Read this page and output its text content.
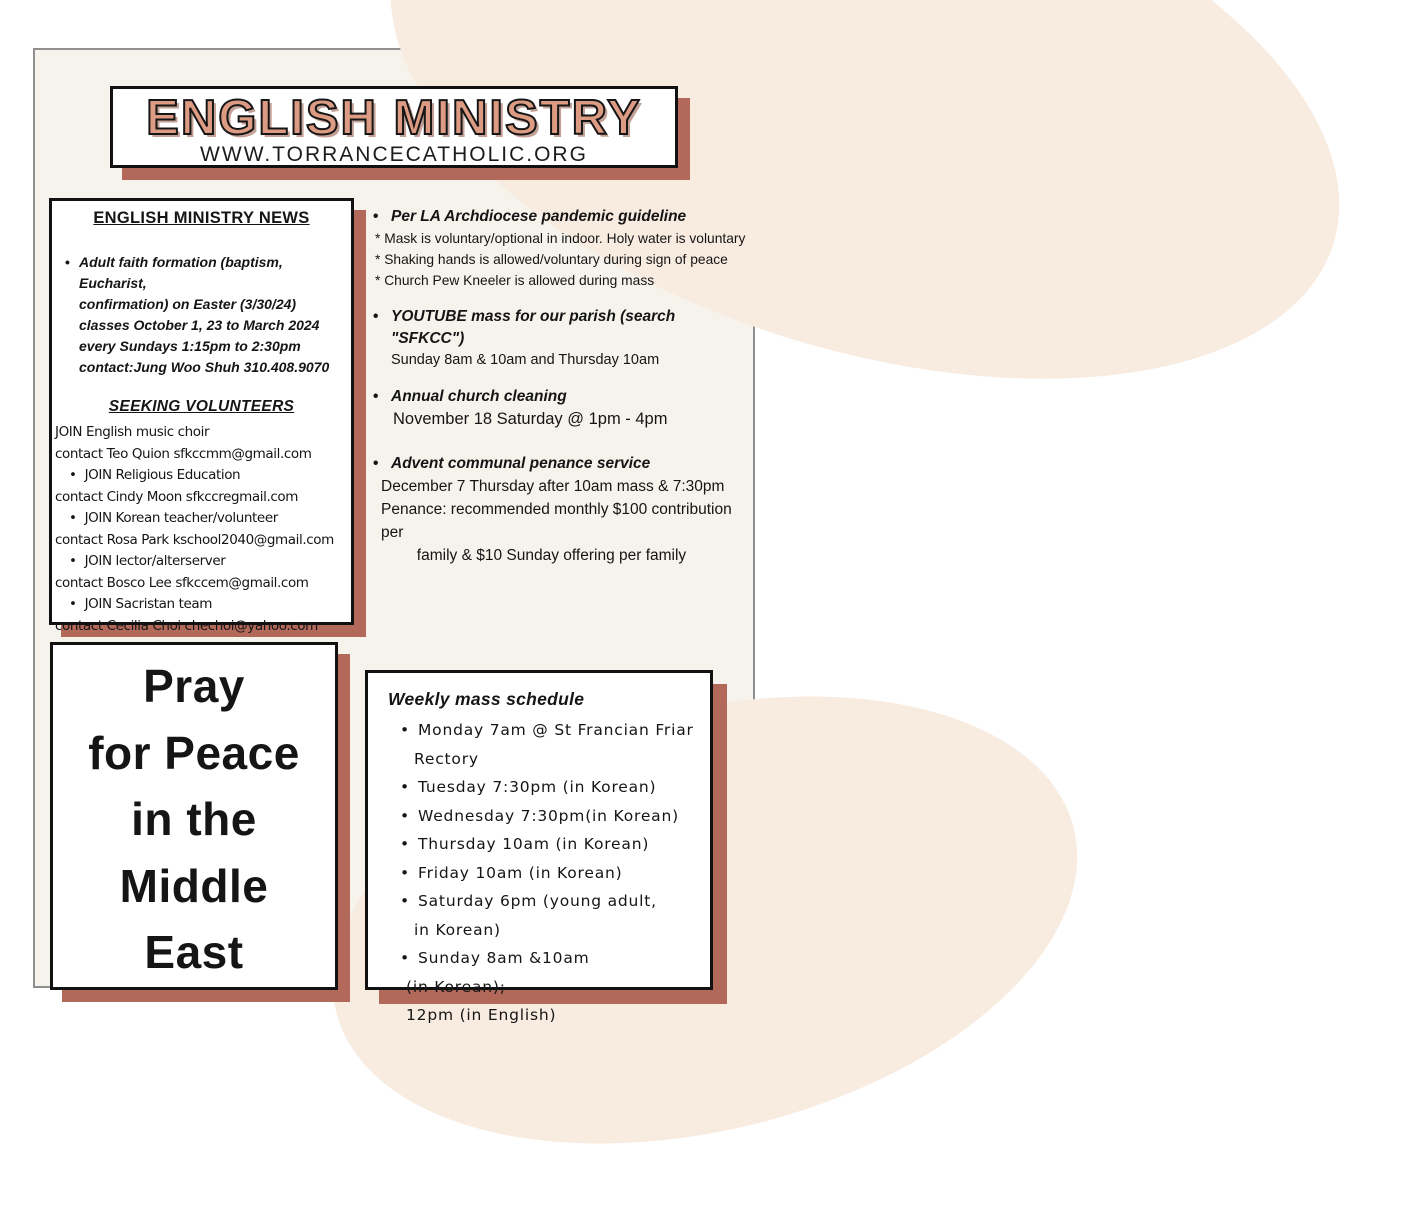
ENGLISH MINISTRY
WWW.TORRANCECATHOLIC.ORG
ENGLISH MINISTRY NEWS
• Adult faith formation (baptism, Eucharist,
confirmation) on Easter (3/30/24)
classes October 1, 23 to March 2024
every Sundays 1:15pm to 2:30pm
contact:Jung Woo Shuh 310.408.9070
SEEKING VOLUNTEERS
JOIN English music choir
contact Teo Quion sfkccmm@gmail.com
• JOIN Religious Education
contact Cindy Moon sfkccregmail.com
• JOIN Korean teacher/volunteer
contact Rosa Park kschool2040@gmail.com
• JOIN lector/alterserver
contact Bosco Lee sfkccem@gmail.com
• JOIN Sacristan team
contact Cecilia Choi chechoi@yahoo.com
• Per LA Archdiocese pandemic guideline
* Mask is voluntary/optional in indoor. Holy water is voluntary
* Shaking hands is allowed/voluntary during sign of peace
* Church Pew Kneeler is allowed during mass
• YOUTUBE mass for our parish (search "SFKCC")
Sunday 8am & 10am and Thursday 10am
• Annual church cleaning
November 18 Saturday @ 1pm - 4pm
• Advent communal penance service
December 7 Thursday after 10am mass & 7:30pm
Penance: recommended monthly $100 contribution per
family & $10 Sunday offering per family
Pray
for Peace
in the
Middle
East
Weekly mass schedule
• Monday 7am @ St Francian Friar
Rectory
• Tuesday 7:30pm (in Korean)
• Wednesday 7:30pm(in Korean)
• Thursday 10am (in Korean)
• Friday 10am (in Korean)
• Saturday 6pm (young adult,
in Korean)
• Sunday 8am &10am
(in Korean);
12pm (in English)
